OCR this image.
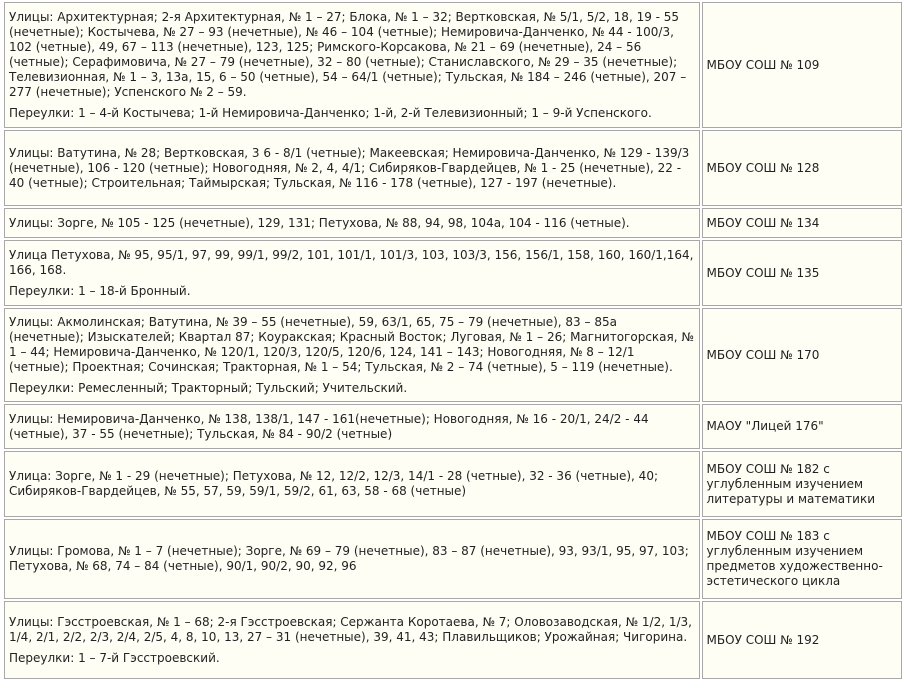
Улицы: Архитектурная; 2-я Архитектурная, № 1 – 27; Блока, № 1 – 32; Вертковская, № 5/1, 5/2, 18, 19 - 55 (нечетные); Костычева, № 27 – 93 (нечетные), № 46 – 104 (четные); Немировича-Данченко, № 44 - 100/3, 102 (четные), 49, 67 – 113 (нечетные), 123, 125; Римского-Корсакова, № 21 – 69 (нечетные), 24 – 56 (четные); Серафимовича, № 27 – 79 (нечетные), 32 – 80 (четные); Станиславского, № 29 – 35 (нечетные); Телевизионная, № 1 – 3, 13а, 15, 6 – 50 (четные), 54 – 64/1 (четные); Тульская, № 184 – 246 (четные), 207 – 277 (нечетные); Успенского № 2 – 59.

Переулки: 1 – 4-й Костычева; 1-й Немировича-Данченко; 1-й, 2-й Телевизионный; 1 – 9-й Успенского.	МБОУ СОШ № 109

Улицы: Ватутина, № 28; Вертковская, 3 6 - 8/1 (четные); Макеевская; Немировича-Данченко, № 129 - 139/3 (нечетные), 106 - 120 (четные); Новогодняя, № 2, 4, 4/1; Сибиряков-Гвардейцев, № 1 - 25 (нечетные), 22 - 40 (четные); Строительная; Таймырская; Тульская, № 116 - 178 (четные), 127 - 197 (нечетные).	МБОУ СОШ № 128

Улицы: Зорге, № 105 - 125 (нечетные), 129, 131; Петухова, № 88, 94, 98, 104а, 104 - 116 (четные).	МБОУ СОШ № 134

Улица Петухова, № 95, 95/1, 97, 99, 99/1, 99/2, 101, 101/1, 101/3, 103, 103/3, 156, 156/1, 158, 160, 160/1,164, 166, 168.

Переулки: 1 – 18-й Бронный.	МБОУ СОШ № 135

Улицы: Акмолинская; Ватутина, № 39 – 55 (нечетные), 59, 63/1, 65, 75 – 79 (нечетные), 83 – 85а (нечетные); Изыскателей; Квартал 87; Коуракская; Красный Восток; Луговая, № 1 – 26; Магнитогорская, № 1 – 44; Немировича-Данченко, № 120/1, 120/3, 120/5, 120/6, 124, 141 – 143; Новогодняя, № 8 – 12/1 (четные); Проектная; Сочинская; Тракторная, № 1 – 54; Тульская, № 2 – 74 (четные), 5 – 119 (нечетные).

Переулки: Ремесленный; Тракторный; Тульский; Учительский.	МБОУ СОШ № 170

Улицы: Немировича-Данченко, № 138, 138/1, 147 - 161(нечетные); Новогодняя, № 16 - 20/1, 24/2 - 44 (четные), 37 - 55 (нечетные); Тульская, № 84 - 90/2 (четные)	МАОУ "Лицей 176"

Улица: Зорге, № 1 - 29 (нечетные); Петухова, № 12, 12/2, 12/3, 14/1 - 28 (четные), 32 - 36 (четные), 40; Сибиряков-Гвардейцев, № 55, 57, 59, 59/1, 59/2, 61, 63, 58 - 68 (четные)	МБОУ СОШ № 182 с углубленным изучением литературы и математики

Улицы: Громова, № 1 – 7 (нечетные); Зорге, № 69 – 79 (нечетные), 83 – 87 (нечетные), 93, 93/1, 95, 97, 103; Петухова, № 68, 74 – 84 (четные), 90/1, 90/2, 90, 92, 96	МБОУ СОШ № 183 с углубленным изучением предметов художественно-эстетического цикла

Улицы: Гэсстроевская, № 1 – 68; 2-я Гэсстроевская; Сержанта Коротаева, № 7; Оловозаводская, № 1/2, 1/3, 1/4, 2/1, 2/2, 2/3, 2/4, 2/5, 4, 8, 10, 13, 27 – 31 (нечетные), 39, 41, 43; Плавильщиков; Урожайная; Чигорина.

Переулки: 1 – 7-й Гэсстроевский.	МБОУ СОШ № 192
